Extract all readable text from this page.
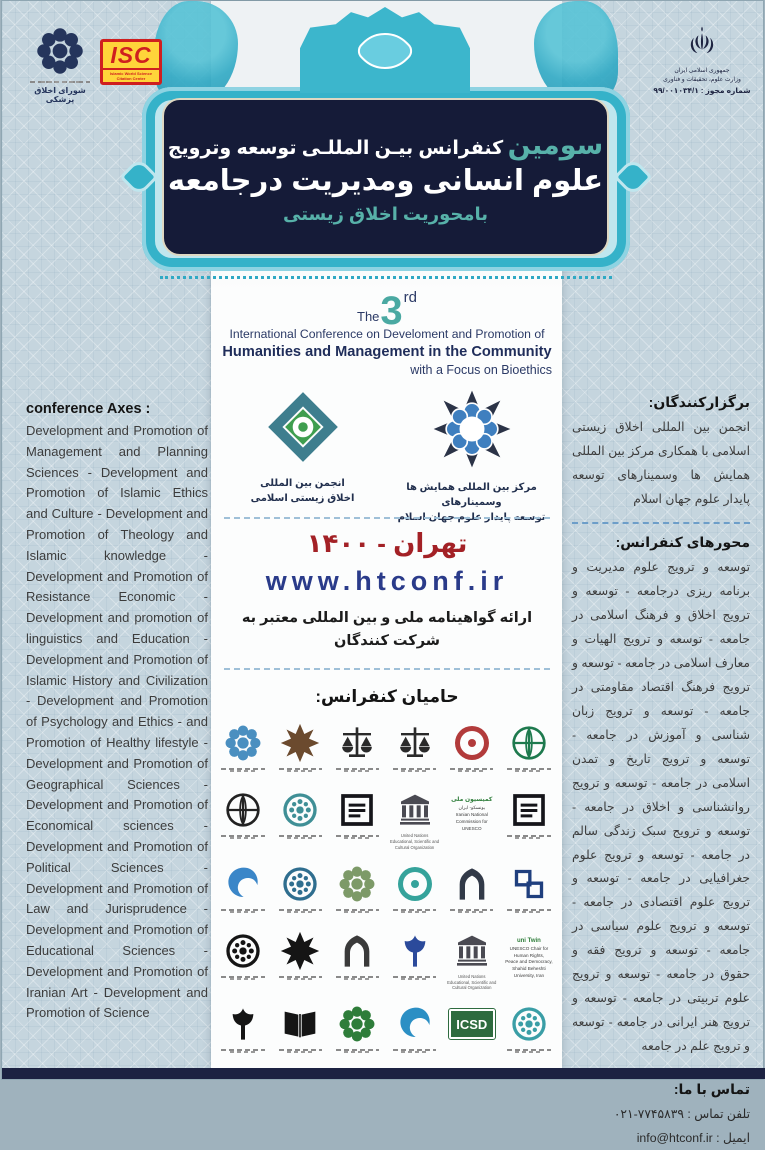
شورای اخلاق پزشکی
ISC
Islamic World Science Citation Center
جمهوری اسلامی ایران
وزارت علوم، تحقیقات و فناوری
شماره مجوز : ۹۹/۰۰۱۰۳۴/۱
سومین کنفرانس بیـن المللـی توسعه وترویج
علوم انسانی ومدیریت درجامعه
بامحوریت اخلاق زیستی
The 3 rd
International Conference on Develoment and Promotion of
Humanities and Management in the Community
with a Focus on Bioethics
انجمن بین المللی
اخلاق زیستی اسلامی
مرکز بین المللی همایش ها وسمینارهای
توسعه پایدار علوم جهان اسلام
تهران - ۱۴۰۰
www.htconf.ir
ارائه گواهینامه ملی و بین المللی معتبر به
شرکت کنندگان
حامیان کنفرانس:
United Nations
Educational, Scientific and
Cultural Organization
کمیسیون ملی
یونسکو- ایران
Iranian National
Commission for
UNESCO
United Nations
Educational, Scientific and
Cultural Organization
uni Twin
UNESCO Chair for Human Rights,
Peace and Democracy,
Shahid Beheshti University, Iran
ICSD
conference Axes :
Development and Promotion of Management and Planning Sciences - Development and Promotion of Islamic Ethics and Culture - Development and Promotion of Theology and Islamic knowledge - Development and Promotion of Resistance Economic - Development and promotion of linguistics and Education - Development and Promotion of Islamic History and Civilization - Development and Promotion of Psychology and Ethics - and Promotion of Healthy lifestyle - Development and Promotion of Geographical Sciences - Development and Promotion of Economical sciences - Development and Promotion of Political Sciences - Development and Promotion of Law and Jurisprudence - Development and Promotion of Educational Sciences - Development and Promotion of Iranian Art - Development and Promotion of Science
برگزارکنندگان:
انجمن بین المللی اخلاق زیستی اسلامی با همکاری مرکز بین المللی همایش ها وسمینارهای توسعه پایدار علوم جهان اسلام
محورهای کنفرانس:
توسعه و ترویج علوم مدیریت و برنامه ریزی درجامعه - توسعه و ترویج اخلاق و فرهنگ اسلامی در جامعه - توسعه و ترویج الهیات و معارف اسلامی در جامعه - توسعه و ترویج فرهنگ اقتصاد مقاومتی در جامعه - توسعه و ترویج زبان شناسی و آموزش در جامعه - توسعه و ترویج تاریخ و تمدن اسلامی در جامعه - توسعه و ترویج روانشناسی و اخلاق در جامعه - توسعه و ترویج سبک زندگی سالم در جامعه - توسعه و ترویج علوم جغرافیایی در جامعه - توسعه و ترویج علوم اقتصادی در جامعه - توسعه و ترویج علوم سیاسی در جامعه - توسعه و ترویج فقه و حقوق در جامعه - توسعه و ترویج علوم تربیتی در جامعه - توسعه و ترویج هنر ایرانی در جامعه - توسعه و ترویج علم در جامعه
تماس با ما:
تلفن تماس : ۰۲۱-۷۷۴۵۸۳۹
ایمیل : info@htconf.ir
